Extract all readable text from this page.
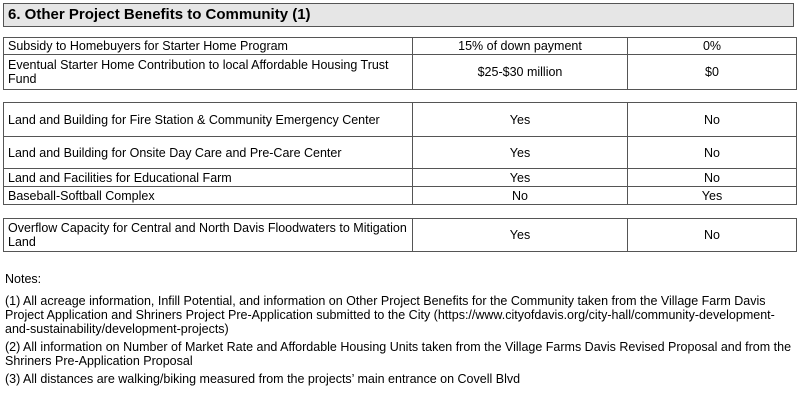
6. Other Project Benefits to Community (1)
Subsidy to Homebuyers for Starter Home Program	15% of down payment	0%
Eventual Starter Home Contribution to local Affordable Housing Trust Fund	$25-$30 million	$0
Land and Building for Fire Station & Community Emergency Center	Yes	No
Land and Building for Onsite Day Care and Pre-Care Center	Yes	No
Land and Facilities for Educational Farm	Yes	No
Baseball-Softball Complex	No	Yes
Overflow Capacity for Central and North Davis Floodwaters to Mitigation Land	Yes	No

Notes:

(1) All acreage information, Infill Potential, and information on Other Project Benefits for the Community taken from the Village Farm Davis Project Application and Shriners Project Pre-Application submitted to the City (https://www.cityofdavis.org/city-hall/community-development-and-sustainability/development-projects)

(2) All information on Number of Market Rate and Affordable Housing Units taken from the Village Farms Davis Revised Proposal and from the Shriners Pre-Application Proposal

(3) All distances are walking/biking measured from the projects’ main entrance on Covell Blvd
